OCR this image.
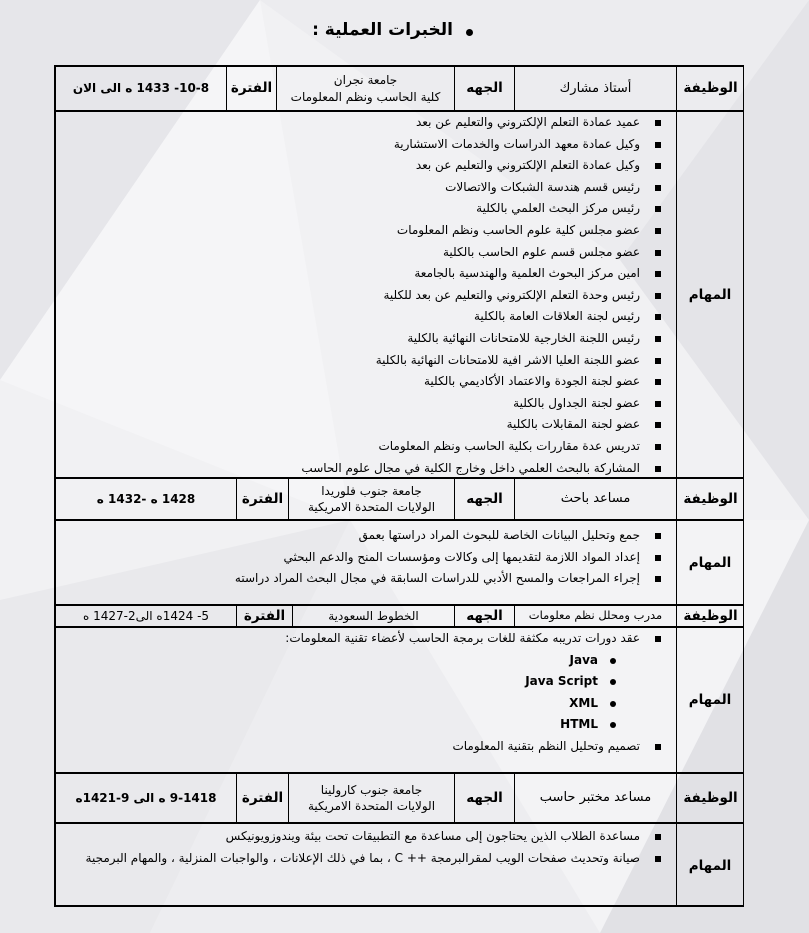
الخبرات العملية :
الوظيفة
أستاذ مشارك
الجهه
جامعة نجران
كلية الحاسب ونظم المعلومات
الفترة
10-8- 1433 ه الى الان
المهام
عميد عمادة التعلم الإلكتروني والتعليم عن بعد
وكيل عمادة معهد الدراسات والخدمات الاستشارية
وكيل عمادة التعلم الإلكتروني والتعليم عن بعد
رئيس قسم هندسة الشبكات والاتصالات
رئيس مركز البحث العلمي بالكلية
عضو مجلس كلية علوم الحاسب ونظم المعلومات
عضو مجلس قسم علوم الحاسب بالكلية
امين مركز البحوث العلمية والهندسية بالجامعة
رئيس وحدة التعلم الإلكتروني والتعليم عن بعد للكلية
رئيس لجنة العلاقات العامة بالكلية
رئيس اللجنة الخارجية للامتحانات النهائية بالكلية
عضو اللجنة العليا الاشر افية للامتحانات النهائية بالكلية
عضو لجنة الجودة والاعتماد الأكاديمي بالكلية
عضو لجنة الجداول بالكلية
عضو لجنة المقابلات بالكلية
تدريس عدة مقاررات بكلية الحاسب ونظم المعلومات
المشاركة بالبحث العلمي داخل وخارج الكلية في مجال علوم الحاسب
الوظيفة
مساعد باحث
الجهه
جامعة جنوب فلوريدا
الولايات المتحدة الامريكية
الفترة
1428 ه -1432 ه
المهام
جمع وتحليل البيانات الخاصة للبحوث المراد دراستها بعمق
إعداد المواد اللازمة لتقديمها إلى وكالات ومؤسسات المنح والدعم البحثي
إجراء المراجعات والمسح الأدبي للدراسات السابقة في مجال البحث المراد دراسته
الوظيفة
مدرب ومحلل نظم معلومات
الجهه
الخطوط السعودية
الفترة
5- 1424ه الى2-1427 ه
المهام
عقد دورات تدريبه مكثفة للغات برمجة الحاسب لأعضاء تقنية المعلومات:
Java
Java Script
XML
HTML
تصميم وتحليل النظم بتقنية المعلومات
الوظيفة
مساعد مختبر حاسب
الجهه
جامعة جنوب كارولينا
الولايات المتحدة الامريكية
الفترة
9-1418 ه الى 9-1421ه
المهام
مساعدة الطلاب الذين يحتاجون إلى مساعدة مع التطبيقات تحت بيئة ويندوزويونيكس
صيانة وتحديث صفحات الويب لمقرالبرمجة ++ C ، بما في ذلك الإعلانات ، والواجبات المنزلية ، والمهام البرمجية
